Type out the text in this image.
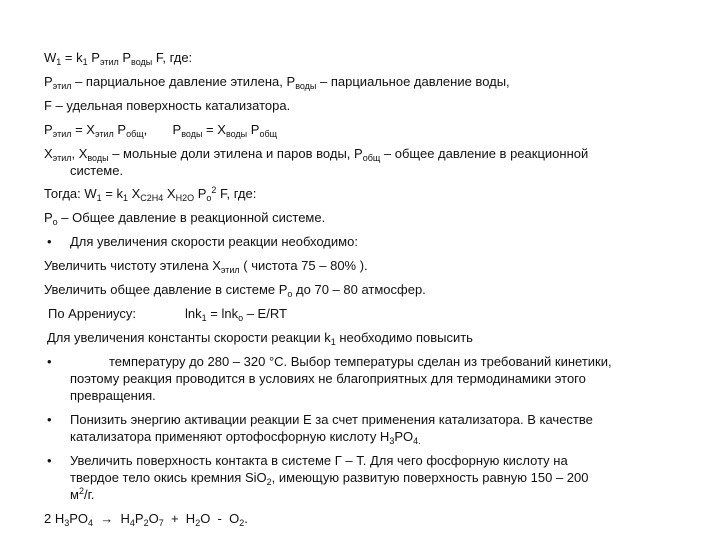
$W_1 = k_1$ $P_{этил}$ $P_{воды}$ F, где:
$P_{этил}$ – парциальное давление этилена, $P_{воды}$ – парциальное давление воды,
F – удельная поверхность катализатора.
$P_{этил} = X_{этил}$ $P_{общ}$,       $P_{воды} = X_{воды}$ $P_{общ}$
$X_{этил}$, $X_{воды}$ – мольные доли этилена и паров воды, $P_{общ}$ – общее давление в реакционной
системе.
Тогда: $W_1 = k_1$ $X_{C2H4}$ $X_{H2O}$ $P_o^2$ F, где:
$P_o$ – Общее давление в реакционной системе.
• Для увеличения скорости реакции необходимо:
Увеличить чистоту этилена $X_{этил}$ ( чистота 75 – 80% ).
Увеличить общее давление в системе $P_o$ до 70 – 80 атмосфер.
По Аррениусу:	lnk$_1$ = lnk$_o$ – E/RT
Для увеличения константы скорости реакции $k_1$ необходимо повысить
•	температуру до 280 – 320 °С. Выбор температуры сделан из требований кинетики,
поэтому реакция проводится в условиях не благоприятных для термодинамики этого
превращения.
• Понизить энергию активации реакции E за счет применения катализатора. В качестве
катализатора применяют ортофосфорную кислоту $H_3PO_{4.}$
• Увеличить поверхность контакта в системе Г – Т. Для чего фосфорную кислоту на
твердое тело окись кремния SiO$_2$, имеющую развитую поверхность равную 150 – 200
$м^2/г$.
2 $H_3PO_4 \to H_4P_2O_7 + H_2O - O_2$.
